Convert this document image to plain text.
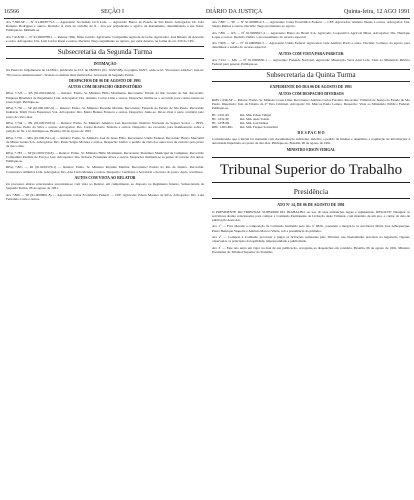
16566	SEÇÃO I	DIÁRIO DA JUSTIÇA	Quinta-feira, 12 AGO 1991

AG 7.396-SP — Nº 91.0009773-3 — Agravante: Sociedade Civil Ltda. — Agravado: Banco do Estado de São Paulo. Advogados: Dr. João Romano Rodrigues e outros. Decisão: À vista da certidão de fl. , dou por prejudicado o agravo de instrumento, determinando a sua baixa. Publique-se. Intimem-se.

AG 7.418-SP — Nº 91.0009788-1 — Relator: Min. Ilmar Galvão. Agravante: Companhia Agrícola de Leite. Agravados: José Ribeiro de Azevedo e outro. Advogados: Drs. Luiz Carlos Rossi e outros. Decisão: Nego seguimento ao agravo, por estar deserto, na forma do art. 529 do CPC.

Subsecretaria da Segunda Turma
INTIMAÇÃO

Na Pauta de Julgamentos de 14.08.91, publicada no D.J. de 08/08/91 (fls. 10297/98), na página 10297, onde se lê: "Processos adiados", leia-se: "Processos remanescentes", ficando os demais itens inalterados. Secretaria da Segunda Turma.

DESPACHOS DE 06 DE AGOSTO DE 1991
AUTOS COM DESPACHO ORDINATÓRIO

REsp 7.725 — RS (91.0001460-9) — Relator: Exmo. Sr. Ministro Hélio Mosimann. Recorrente: Estado do Rio Grande do Sul. Recorrido: Empresa Brasileira de Engenharia Ltda. Advogados: Drs. Antônio Carlos Lima e outros. Despacho: Intime-se o recorrido para contra-razões no prazo legal. Publique-se.

REsp 7.730 — SP (91.0001467-6) — Relator: Exmo. Sr. Ministro Peçanha Martins. Recorrente: Fazenda do Estado de São Paulo. Recorrida: Indústria Têxtil Nova Esperança S/A. Advogados: Drs. Maria Helena Fonseca e outros. Despacho: Junte-se. Dê-se vista à parte contrária pelo prazo de cinco dias.

REsp 7.744 — PR (91.0001503-6) — Relator: Exmo. Sr. Ministro Américo Luz. Recorrente: Instituto Nacional do Seguro Social — INSS. Recorridos: Pedro da Silva e outros. Advogados: Drs. Carlos Roberto Teixeira e outros. Despacho: Ao recorrido para manifestação sobre a petição de fls. 112. Publique-se. Brasília, 06 de agosto de 1991.

REsp 7.759 — MG (91.0001521-4) — Relator: Exmo. Sr. Ministro José de Jesus Filho. Recorrente: União Federal. Recorrido: Banco Mercantil de Minas Gerais S/A. Advogados: Drs. Paulo Sérgio Moreira e outros. Despacho: Defiro o pedido de vista dos autos fora de cartório pelo prazo de cinco dias.

REsp 7.783 — SP (91.0001550-8) — Relator: Exmo. Sr. Ministro Hélio Mosimann. Recorrente: Prefeitura Municipal de Campinas. Recorrida: Companhia Paulista de Força e Luz. Advogados: Drs. Roberto Fernandes Alves e outros. Despacho: Intimem-se as partes do retorno dos autos. Publique-se.

REsp 7.801 — RJ (91.0001576-1) — Relator: Exmo. Sr. Ministro Peçanha Martins. Recorrente: Estado do Rio de Janeiro. Recorrida: Construtora Atlântica Ltda. Advogados: Drs. Ana Lúcia Mendes e outros. Despacho: Certifique a Secretaria o decurso do prazo. Após, conclusos.

AUTOS COM VISTA AO RELATOR

Os processos abaixo relacionados encontram-se com vista ao Relator, em cumprimento ao disposto no Regimento Interno. Subsecretaria da Segunda Turma, 06 de agosto de 1991.

AG 7.866 — SP (91.0009801-8) — Agravante: Caixa Econômica Federal — CEF. Agravado: Edson Moreira da Silva. Advogados: Drs. Luiz Fernando Costa e outros.

AG 7.887 — SP — Nº 91.0009812-3 — Agravante: Caixa Econômica Federal — CEF. Agravados: Antônio Nunes e outros. Advogados: Drs. Sérgio Ramos e outros. Decisão: Nego provimento ao agravo.

AG 7.891 — RS — Nº 91.0009817-4 — Agravante: Banco do Brasil S/A. Agravada: Cooperativa Agrícola Mista. Advogados: Drs. Henrique Lopes e outros. Decisão: Defiro o processamento do recurso especial.

AG 7.906 — SP — Nº 91.0009826-3 — Agravante: União Federal. Agravados: Luiz Antônio Prado e outro. Decisão: Conheço do agravo para determinar a subida do recurso especial.

AUTOS COM VISTA PARA PARECER

AG 7.912 — MG — Nº 91.0009830-1 — Agravante: Fazenda Nacional. Agravada: Mineração Serra Azul Ltda. Vista ao Ministério Público Federal para parecer. Publique-se.

Subsecretaria da Quinta Turma
EXPEDIENTE DO DIA 06 DE AGOSTO DE 1991
AUTOS COM DESPACHO DIVERSOS

RMS 1.036-SP — Relator: Exmo. Sr. Ministro Costa Lima. Recorrente: Antônio Carlos Ferreira. Recorrido: Tribunal de Justiça do Estado de São Paulo. Impetrado: Juiz de Direito da 2ª Vara Criminal. Advogado: Dr. Marcos Paulo Lemos. Despacho: Vista ao Ministério Público Federal. Publique-se.

HC 1.041-RJ	Rel. Min. Edson Vidigal
HC 1.052-SP	Rel. Min. Assis Toledo
HC 1.058-PR	Rel. Min. José Dantas
RHC 1.063-MG	Rel. Min. Flaquer Scartezzini
D E S P A C H O

Considerando que a inicial foi instruída com documentação suficiente, indefiro o pedido de liminar e determino a requisição de informações à autoridade impetrada, no prazo de dez dias. Publique-se. Brasília, 06 de agosto de 1991.

MINISTRO EDSON VIDIGAL
Tribunal Superior do Trabalho
Presidência
ATO Nº 14, DE 06 DE AGOSTO DE 1991

O PRESIDENTE DO TRIBUNAL SUPERIOR DO TRABALHO, no uso de suas atribuições legais e regimentais, RESOLVE: Designar os servidores abaixo relacionados para compor a Comissão Permanente de Licitação deste Tribunal, com mandato de um ano, a contar da data de publicação deste Ato.

Art. 1º — Fica alterada a composição da Comissão instituída pelo Ato nº 08/91, passando a integrá-la os servidores Maria José Albuquerque, Paulo Henrique Siqueira e Antônio Marcos Vilela, sob a presidência do primeiro.

Art. 2º — Compete à Comissão processar e julgar as licitações realizadas pelo Tribunal, nas modalidades previstas na legislação vigente, observados os princípios da legalidade, impessoalidade e publicidade.

Art. 3º — Este Ato entra em vigor na data de sua publicação, revogadas as disposições em contrário. Brasília, 06 de agosto de 1991. Ministro Presidente do Tribunal Superior do Trabalho.
